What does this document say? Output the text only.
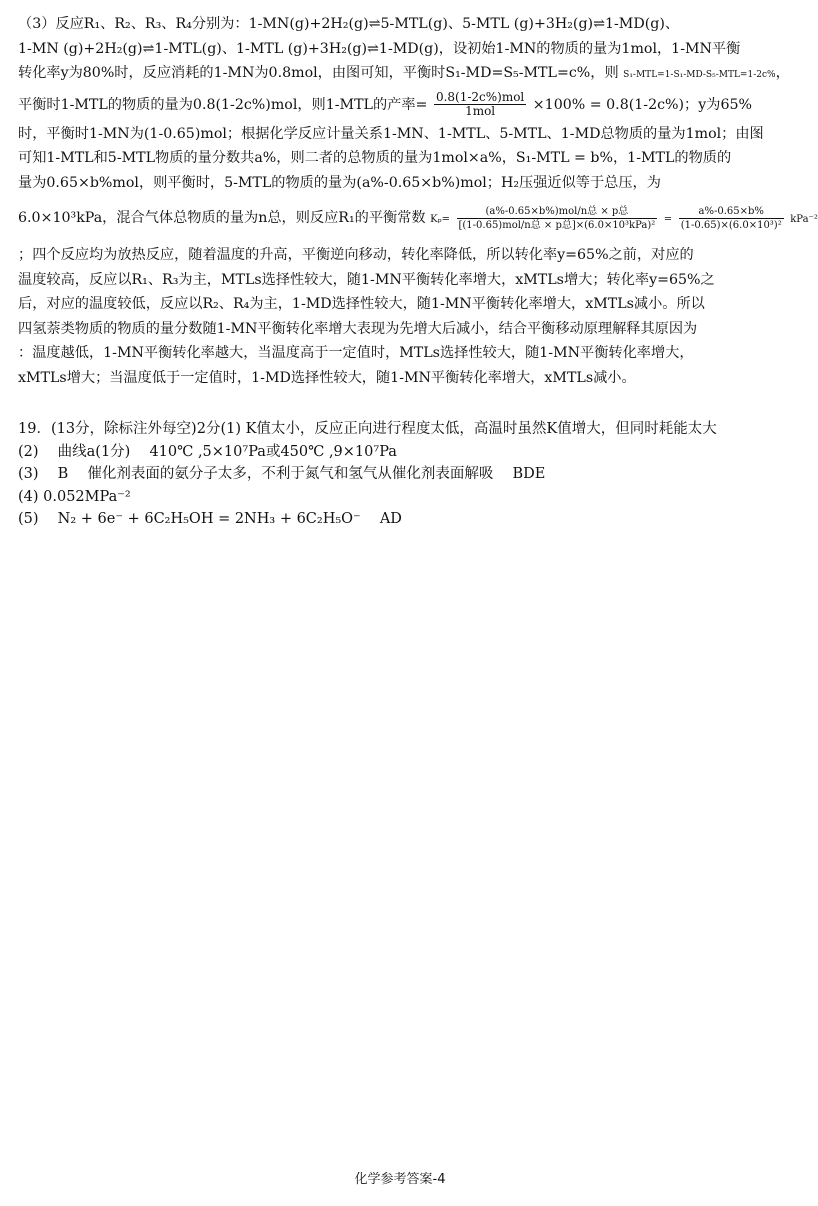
（3）反应R₁、R₂、R₃、R₄分别为：1-MN(g)+2H₂(g)⇌5-MTL(g)、5-MTL (g)+3H₂(g)⇌1-MD(g)、
1-MN (g)+2H₂(g)⇌1-MTL(g)、1-MTL (g)+3H₂(g)⇌1-MD(g)，设初始1-MN的物质的量为1mol，1-MN平衡
转化率y为80%时，反应消耗的1-MN为0.8mol，由图可知，平衡时S₁-MD=S₅-MTL=c%，则 S₁-MTL=1-S₁-MD-S₅-MTL=1-2c%，
平衡时1-MTL的物质的量为0.8(1-2c%)mol，则1-MTL的产率= $\frac{\text{0.8(1-2c\%)mol}}{\text{1mol}} \times 100\% = 0.8(1-2c\%)$；y为65%
时，平衡时1-MN为(1-0.65)mol；根据化学反应计量关系1-MN、1-MTL、5-MTL、1-MD总物质的量为1mol；由图
可知1-MTL和5-MTL物质的量分数共a%，则二者的总物质的量为1mol×a%，S₁-MTL = b%，1-MTL的物质的
量为0.65×b%mol，则平衡时，5-MTL的物质的量为(a%-0.65×b%)mol；H₂压强近似等于总压，为
6.0×10³kPa，混合气体总物质的量为n总，则反应R₁的平衡常数 $K_p= \frac{\text{(a\%-0.65×b\%)mol/n总 × p总}}{\text{[(1-0.65)mol/n总 × p总]×(6.0×10³kPa)²}} = \frac{a\%-0.65\times b\%}{\text{(1-0.65)×(6.0×10³)²}} kPa^{-2}$
；四个反应均为放热反应，随着温度的升高，平衡逆向移动，转化率降低，所以转化率y=65%之前，对应的
温度较高，反应以R₁、R₃为主，MTLs选择性较大，随1-MN平衡转化率增大，xMTLs增大；转化率y=65%之
后，对应的温度较低，反应以R₂、R₄为主，1-MD选择性较大，随1-MN平衡转化率增大，xMTLs减小。所以
四氢萘类物质的物质的量分数随1-MN平衡转化率增大表现为先增大后减小，结合平衡移动原理解释其原因为
：温度越低，1-MN平衡转化率越大，当温度高于一定值时，MTLs选择性较大，随1-MN平衡转化率增大，
xMTLs增大；当温度低于一定值时，1-MD选择性较大，随1-MN平衡转化率增大，xMTLs减小。
19．(13分，除标注外每空)2分(1) K值太小，反应正向进行程度太低，高温时虽然K值增大，但同时耗能太大
(2)　 曲线a(1分)　 410℃ ,5×10⁷Pa或450℃ ,9×10⁷Pa
(3)　 B　 催化剂表面的氨分子太多，不利于氮气和氢气从催化剂表面解吸　 BDE
(4) 0.052MPa⁻²
(5)　 N₂ + 6e⁻ + 6C₂H₅OH = 2NH₃ + 6C₂H₅O⁻　 AD
化学参考答案-4
